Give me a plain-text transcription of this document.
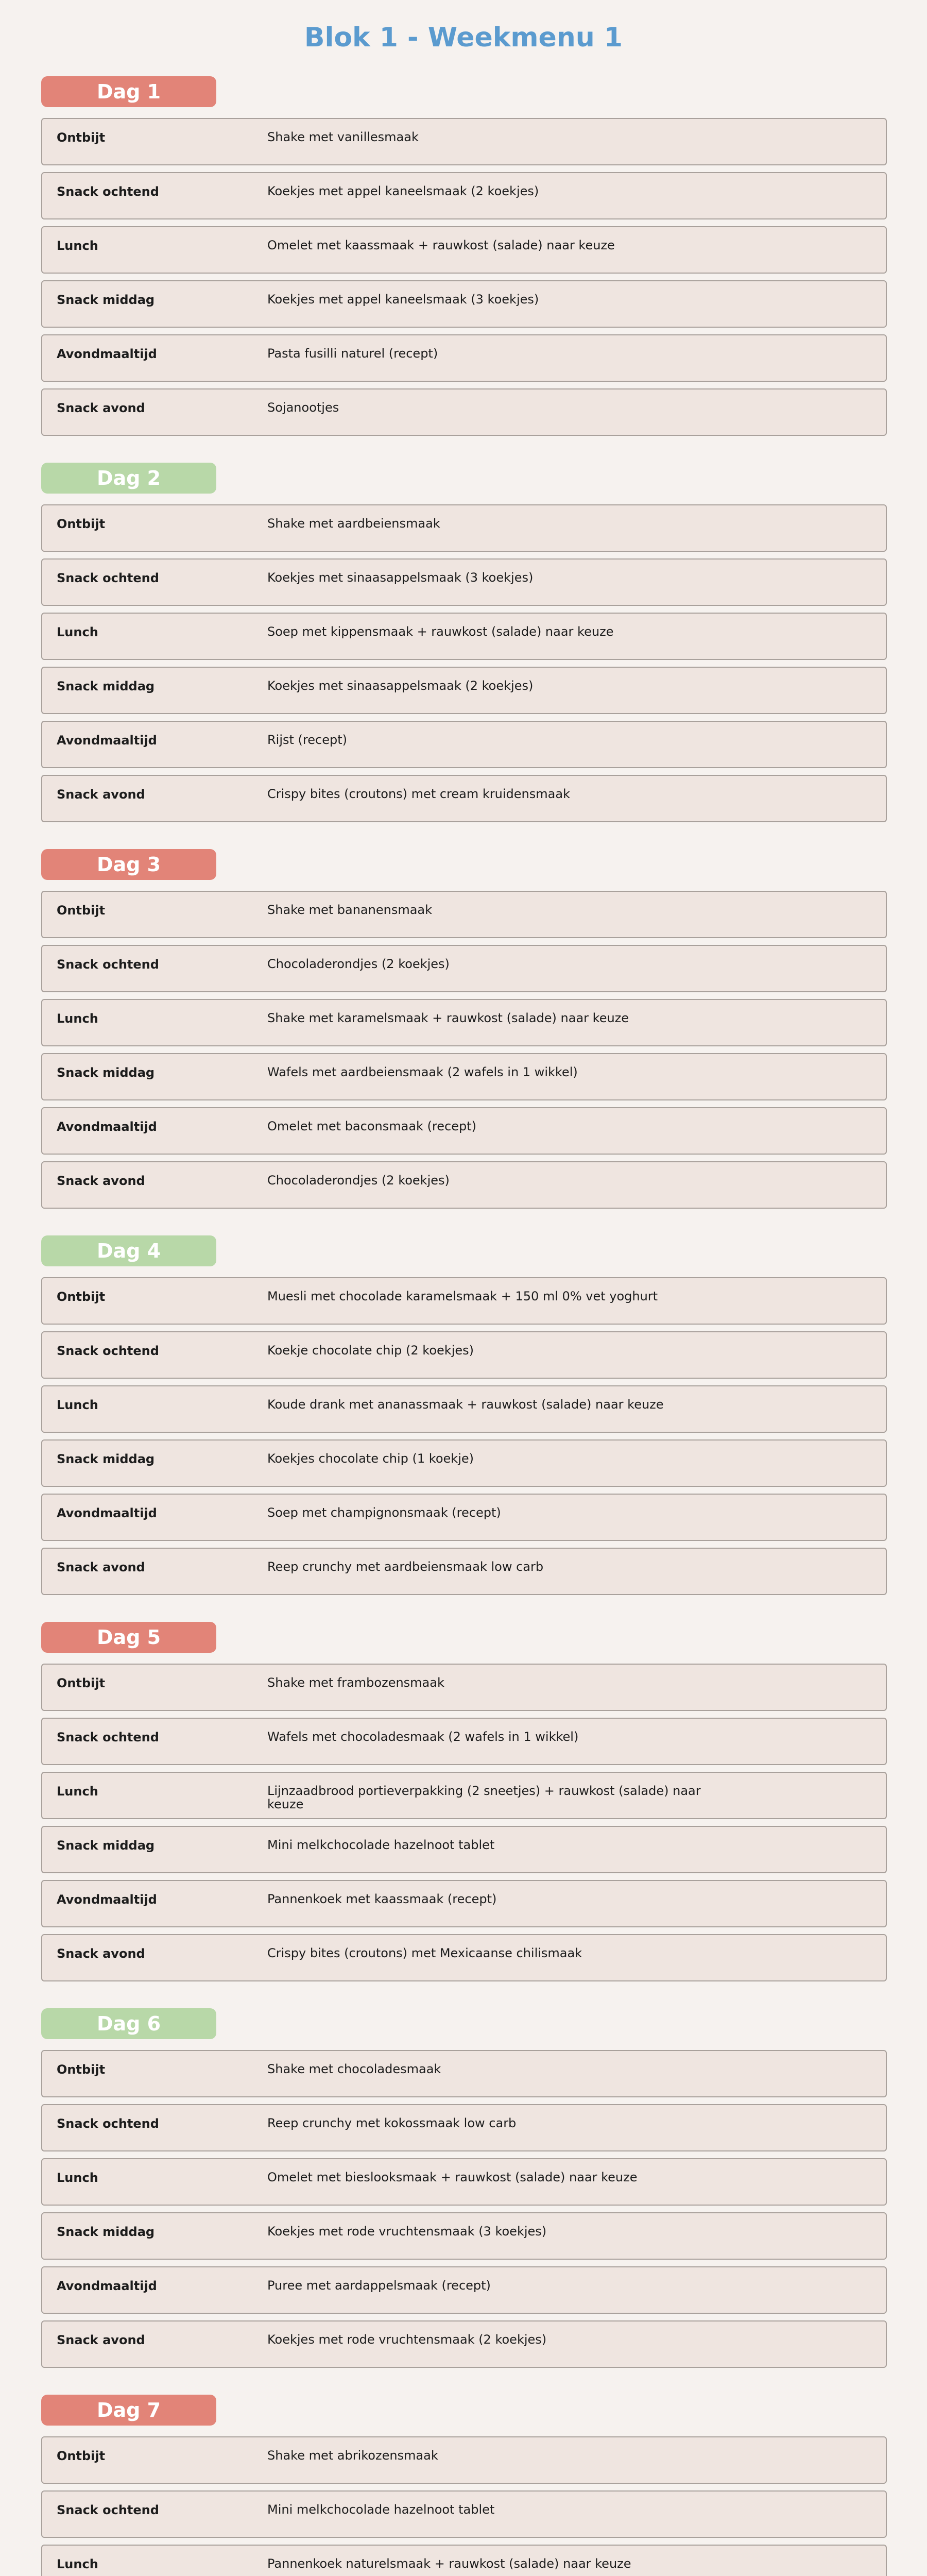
Blok 1 - Weekmenu 1
Dag 1
Ontbijt	Shake met vanillesmaak
Snack ochtend	Koekjes met appel kaneelsmaak (2 koekjes)
Lunch	Omelet met kaassmaak + rauwkost (salade) naar keuze
Snack middag	Koekjes met appel kaneelsmaak (3 koekjes)
Avondmaaltijd	Pasta fusilli naturel (recept)
Snack avond	Sojanootjes
Dag 2
Ontbijt	Shake met aardbeiensmaak
Snack ochtend	Koekjes met sinaasappelsmaak (3 koekjes)
Lunch	Soep met kippensmaak + rauwkost (salade) naar keuze
Snack middag	Koekjes met sinaasappelsmaak (2 koekjes)
Avondmaaltijd	Rijst (recept)
Snack avond	Crispy bites (croutons) met cream kruidensmaak
Dag 3
Ontbijt	Shake met bananensmaak
Snack ochtend	Chocoladerondjes (2 koekjes)
Lunch	Shake met karamelsmaak + rauwkost (salade) naar keuze
Snack middag	Wafels met aardbeiensmaak (2 wafels in 1 wikkel)
Avondmaaltijd	Omelet met baconsmaak (recept)
Snack avond	Chocoladerondjes (2 koekjes)
Dag 4
Ontbijt	Muesli met chocolade karamelsmaak + 150 ml 0% vet yoghurt
Snack ochtend	Koekje chocolate chip (2 koekjes)
Lunch	Koude drank met ananassmaak + rauwkost (salade) naar keuze
Snack middag	Koekjes chocolate chip (1 koekje)
Avondmaaltijd	Soep met champignonsmaak (recept)
Snack avond	Reep crunchy met aardbeiensmaak low carb
Dag 5
Ontbijt	Shake met frambozensmaak
Snack ochtend	Wafels met chocoladesmaak (2 wafels in 1 wikkel)
Lunch	Lijnzaadbrood portieverpakking (2 sneetjes) + rauwkost (salade) naar keuze
Snack middag	Mini melkchocolade hazelnoot tablet
Avondmaaltijd	Pannenkoek met kaassmaak (recept)
Snack avond	Crispy bites (croutons) met Mexicaanse chilismaak
Dag 6
Ontbijt	Shake met chocoladesmaak
Snack ochtend	Reep crunchy met kokossmaak low carb
Lunch	Omelet met bieslooksmaak + rauwkost (salade) naar keuze
Snack middag	Koekjes met rode vruchtensmaak (3 koekjes)
Avondmaaltijd	Puree met aardappelsmaak (recept)
Snack avond	Koekjes met rode vruchtensmaak (2 koekjes)
Dag 7
Ontbijt	Shake met abrikozensmaak
Snack ochtend	Mini melkchocolade hazelnoot tablet
Lunch	Pannenkoek naturelsmaak + rauwkost (salade) naar keuze
